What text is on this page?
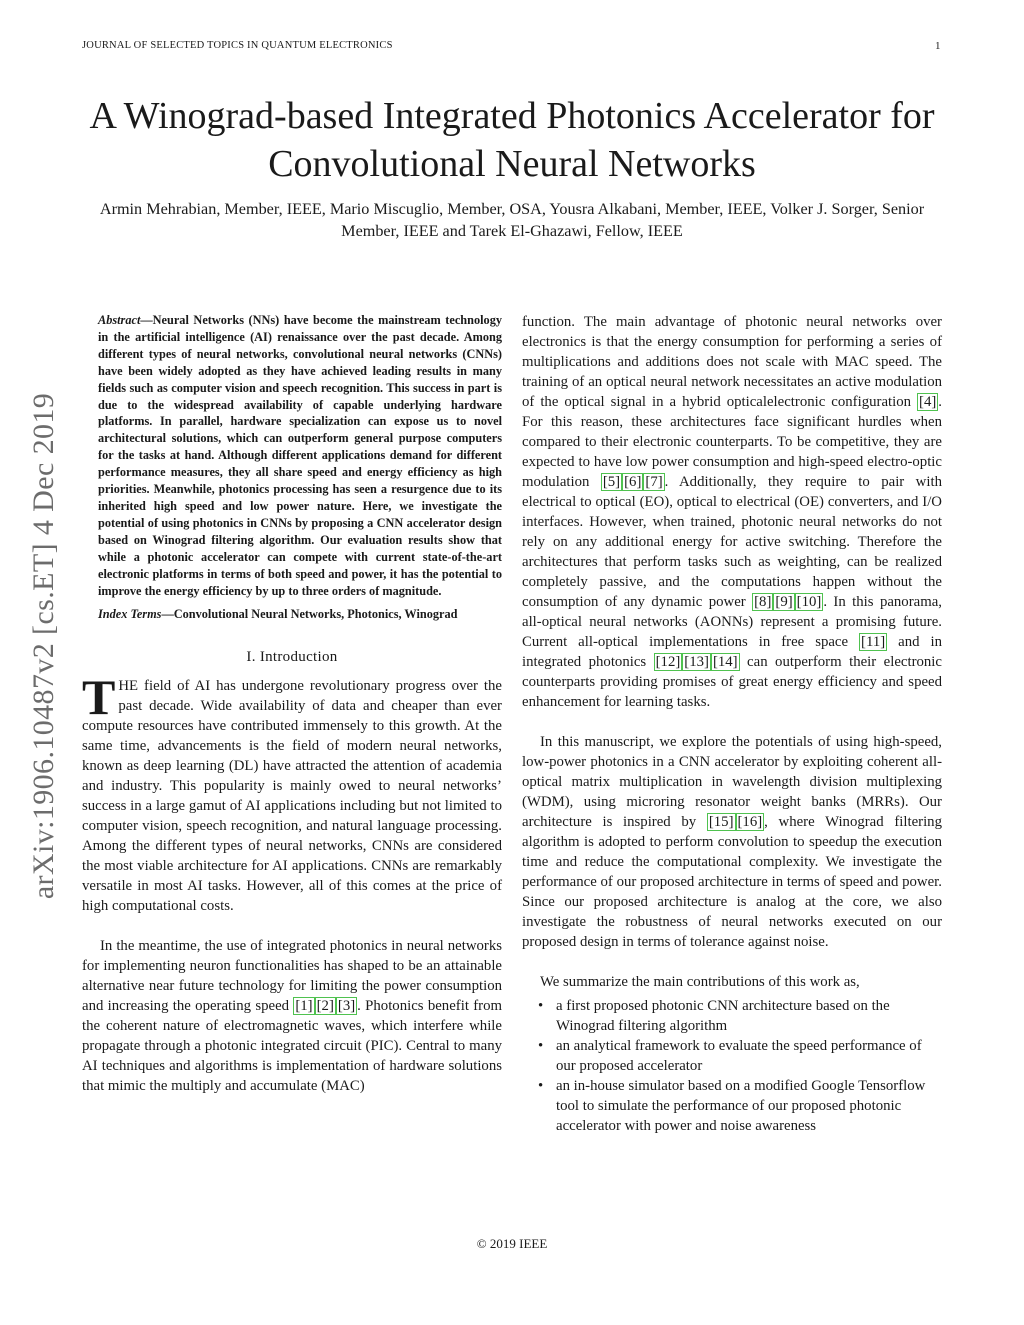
JOURNAL OF SELECTED TOPICS IN QUANTUM ELECTRONICS	1
A Winograd-based Integrated Photonics Accelerator for Convolutional Neural Networks

Armin Mehrabian, Member, IEEE, Mario Miscuglio, Member, OSA, Yousra Alkabani, Member, IEEE, Volker J. Sorger, Senior Member, IEEE and Tarek El-Ghazawi, Fellow, IEEE

arXiv:1906.10487v2 [cs.ET] 4 Dec 2019

Abstract—Neural Networks (NNs) have become the mainstream technology in the artificial intelligence (AI) renaissance over the past decade. Among different types of neural networks, convolutional neural networks (CNNs) have been widely adopted as they have achieved leading results in many fields such as computer vision and speech recognition. This success in part is due to the widespread availability of capable underlying hardware platforms. In parallel, hardware specialization can expose us to novel architectural solutions, which can outperform general purpose computers for the tasks at hand. Although different applications demand for different performance measures, they all share speed and energy efficiency as high priorities. Meanwhile, photonics processing has seen a resurgence due to its inherited high speed and low power nature. Here, we investigate the potential of using photonics in CNNs by proposing a CNN accelerator design based on Winograd filtering algorithm. Our evaluation results show that while a photonic accelerator can compete with current state-of-the-art electronic platforms in terms of both speed and power, it has the potential to improve the energy efficiency by up to three orders of magnitude.

Index Terms—Convolutional Neural Networks, Photonics, Winograd

I. Introduction

THE field of AI has undergone revolutionary progress over the past decade. Wide availability of data and cheaper than ever compute resources have contributed immensely to this growth. At the same time, advancements is the field of modern neural networks, known as deep learning (DL) have attracted the attention of academia and industry. This popularity is mainly owed to neural networks’ success in a large gamut of AI applications including but not limited to computer vision, speech recognition, and natural language processing. Among the different types of neural networks, CNNs are considered the most viable architecture for AI applications. CNNs are remarkably versatile in most AI tasks. However, all of this comes at the price of high computational costs.

In the meantime, the use of integrated photonics in neural networks for implementing neuron functionalities has shaped to be an attainable alternative near future technology for limiting the power consumption and increasing the operating speed [1] [2] [3] . Photonics benefit from the coherent nature of electromagnetic waves, which interfere while propagate through a photonic integrated circuit (PIC). Central to many AI techniques and algorithms is implementation of hardware solutions that mimic the multiply and accumulate (MAC)

function. The main advantage of photonic neural networks over electronics is that the energy consumption for performing a series of multiplications and additions does not scale with MAC speed. The training of an optical neural network necessitates an active modulation of the optical signal in a hybrid opticalelectronic configuration [4] . For this reason, these architectures face significant hurdles when compared to their electronic counterparts. To be competitive, they are expected to have low power consumption and high-speed electro-optic modulation [5] [6] [7] . Additionally, they require to pair with electrical to optical (EO), optical to electrical (OE) converters, and I/O interfaces. However, when trained, photonic neural networks do not rely on any additional energy for active switching. Therefore the architectures that perform tasks such as weighting, can be realized completely passive, and the computations happen without the consumption of any dynamic power [8] [9] [10] . In this panorama, all-optical neural networks (AONNs) represent a promising future. Current all-optical implementations in free space [11] and in integrated photonics [12] [13] [14] can outperform their electronic counterparts providing promises of great energy efficiency and speed enhancement for learning tasks.

In this manuscript, we explore the potentials of using high-speed, low-power photonics in a CNN accelerator by exploiting coherent all-optical matrix multiplication in wavelength division multiplexing (WDM), using microring resonator weight banks (MRRs). Our architecture is inspired by [15] [16] , where Winograd filtering algorithm is adopted to perform convolution to speedup the execution time and reduce the computational complexity. We investigate the performance of our proposed architecture in terms of speed and power. Since our proposed architecture is analog at the core, we also investigate the robustness of neural networks executed on our proposed design in terms of tolerance against noise.

We summarize the main contributions of this work as,

• a first proposed photonic CNN architecture based on the Winograd filtering algorithm
• an analytical framework to evaluate the speed performance of our proposed accelerator
• an in-house simulator based on a modified Google Tensorflow tool to simulate the performance of our proposed photonic accelerator with power and noise awareness
© 2019 IEEE
